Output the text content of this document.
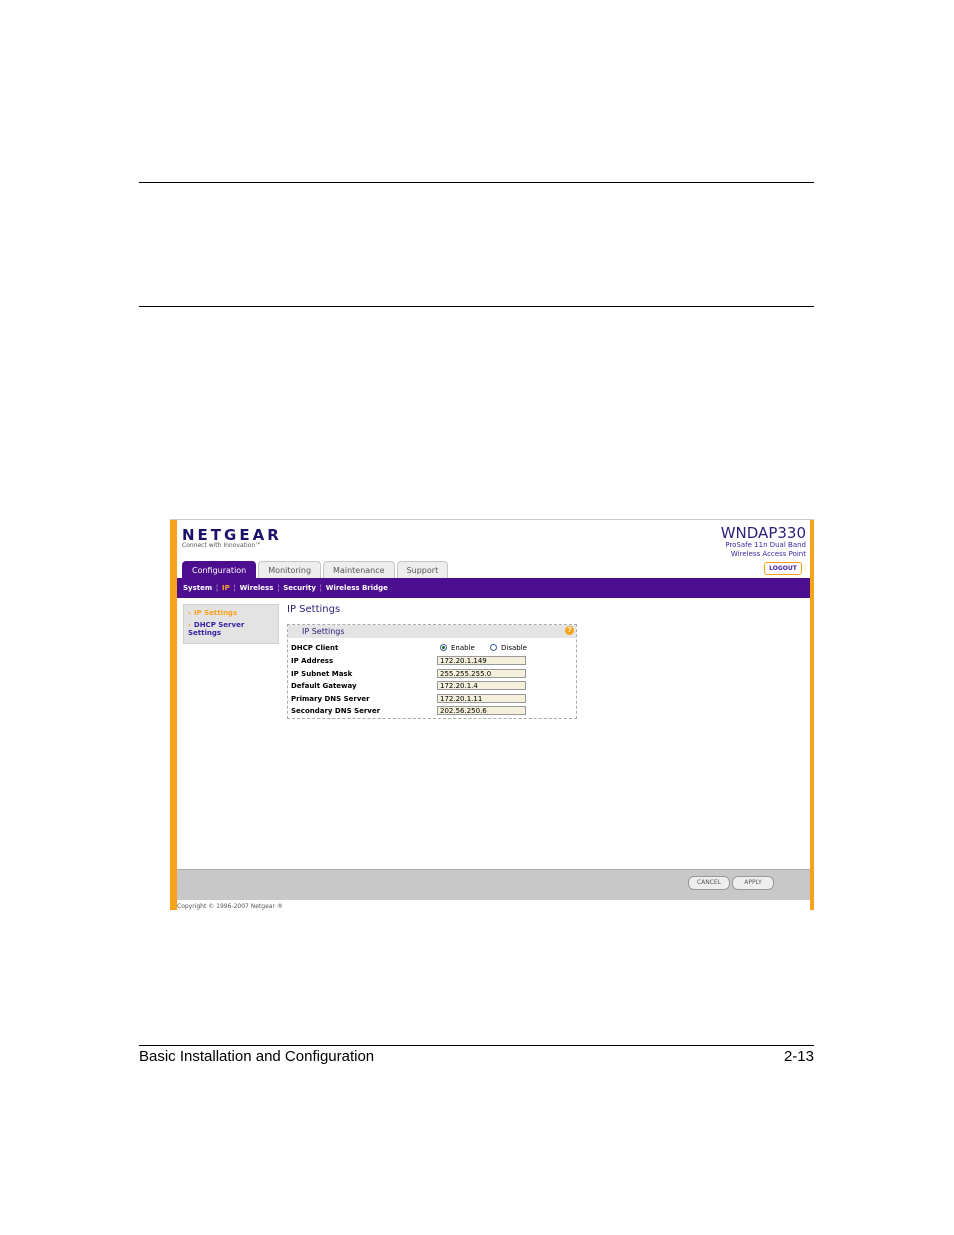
NETGEAR
Connect with Innovation™
WNDAP330
ProSafe 11n Dual Band
Wireless Access Point
LOGOUT
Configuration	Monitoring	Maintenance	Support
System ¦ IP ¦ Wireless ¦ Security ¦ Wireless Bridge
› IP Settings
› DHCP Server Settings
IP Settings
IP Settings	?
DHCP Client	Enable	Disable
IP Address	172.20.1.149
IP Subnet Mask	255.255.255.0
Default Gateway	172.20.1.4
Primary DNS Server	172.20.1.11
Secondary DNS Server	202.56.250.6
CANCEL	APPLY
Copyright © 1996-2007 Netgear ®
Basic Installation and Configuration	2-13
